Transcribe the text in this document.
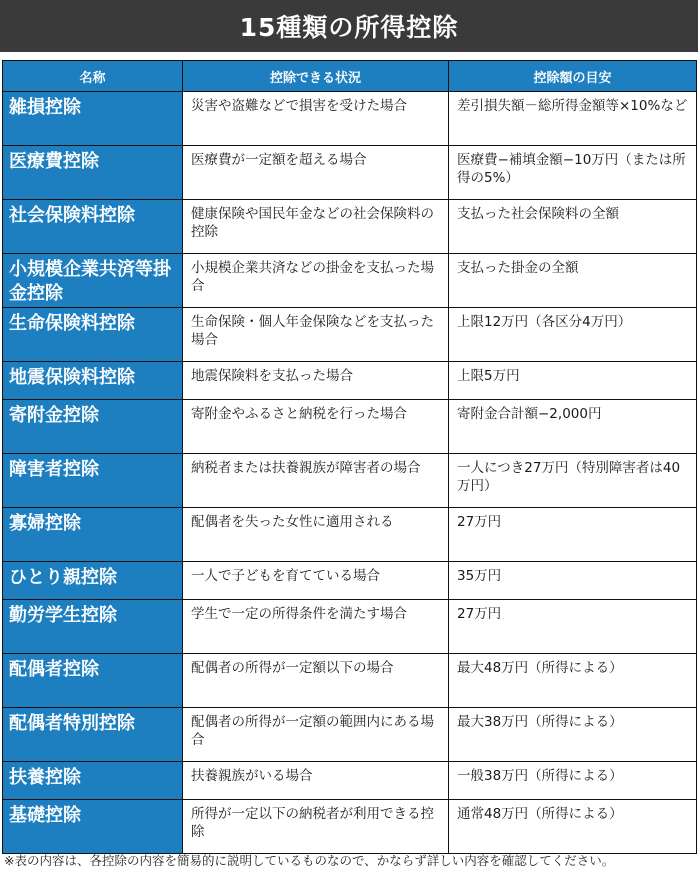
15種類の所得控除
名称	控除できる状況	控除額の目安
雑損控除	災害や盗難などで損害を受けた場合	差引損失額－総所得金額等×10%など
医療費控除	医療費が一定額を超える場合	医療費−補填金額−10万円（または所得の5%）
社会保険料控除	健康保険や国民年金などの社会保険料の控除	支払った社会保険料の全額
小規模企業共済等掛金控除	小規模企業共済などの掛金を支払った場合	支払った掛金の全額
生命保険料控除	生命保険・個人年金保険などを支払った場合	上限12万円（各区分4万円）
地震保険料控除	地震保険料を支払った場合	上限5万円
寄附金控除	寄附金やふるさと納税を行った場合	寄附金合計額−2,000円
障害者控除	納税者または扶養親族が障害者の場合	一人につき27万円（特別障害者は40万円）
寡婦控除	配偶者を失った女性に適用される	27万円
ひとり親控除	一人で子どもを育てている場合	35万円
勤労学生控除	学生で一定の所得条件を満たす場合	27万円
配偶者控除	配偶者の所得が一定額以下の場合	最大48万円（所得による）
配偶者特別控除	配偶者の所得が一定額の範囲内にある場合	最大38万円（所得による）
扶養控除	扶養親族がいる場合	一般38万円（所得による）
基礎控除	所得が一定以下の納税者が利用できる控除	通常48万円（所得による）
※表の内容は、各控除の内容を簡易的に説明しているものなので、かならず詳しい内容を確認してください。
